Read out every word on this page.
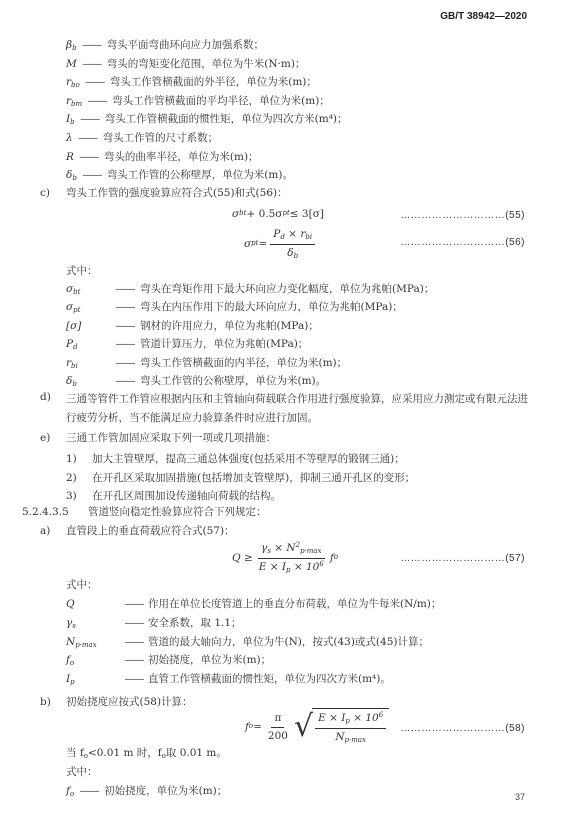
GB/T 38942—2020
$\beta_b$ —— 弯头平面弯曲环向应力加强系数；
M —— 弯头的弯矩变化范围，单位为牛米(N·m)；
$r_{bo}$ —— 弯头工作管横截面的外半径，单位为米(m)；
$r_{bm}$ —— 弯头工作管横截面的平均半径，单位为米(m)；
$I_b$ —— 弯头工作管横截面的惯性矩，单位为四次方米(m⁴)；
λ —— 弯头工作管的尺寸系数；
R —— 弯头的曲率半径，单位为米(m)；
$\delta_b$ —— 弯头工作管的公称壁厚，单位为米(m)。
c) 弯头工作管的强度验算应符合式(55)和式(56)：
σ bt + 0.5σ pt ≤ 3[σ]	…………………………(55)
σ pt = $\frac{P_d \times r_{bi}}{\delta_b}$	…………………………(56)
式中：
$\sigma_{bt}$	—— 弯头在弯矩作用下最大环向应力变化幅度，单位为兆帕(MPa)；
$\sigma_{pt}$	—— 弯头在内压作用下的最大环向应力，单位为兆帕(MPa)；
[σ]	—— 钢材的许用应力，单位为兆帕(MPa)；
$P_d$	—— 管道计算压力，单位为兆帕(MPa)；
$r_{bi}$	—— 弯头工作管横截面的内半径，单位为米(m)；
$\delta_b$	—— 弯头工作管的公称壁厚，单位为米(m)。
d) 三通等管件工作管应根据内压和主管轴向荷载联合作用进行强度验算，应采用应力测定或有限元法进行疲劳分析，当不能满足应力验算条件时应进行加固。
e) 三通工作管加固应采取下列一项或几项措施：
1) 加大主管壁厚，提高三通总体强度(包括采用不等壁厚的锻钢三通)；
2) 在开孔区采取加固措施(包括增加支管壁厚)，抑制三通开孔区的变形；
3) 在开孔区周围加设传递轴向荷载的结构。
5.2.4.3.5 管道竖向稳定性验算应符合下列规定：
a) 直管段上的垂直荷载应符合式(57)：
$Q \ge \frac{\gamma_s \times N^2_{p\cdot max}}{E \times I_p \times 10^6}$ f o	…………………………(57)
式中：
Q	—— 作用在单位长度管道上的垂直分布荷载，单位为牛每米(N/m)；
$\gamma_s$	—— 安全系数，取 1.1；
$N_{p\cdot max}$	—— 管道的最大轴向力，单位为牛(N)，按式(43)或式(45)计算；
$f_o$	—— 初始挠度，单位为米(m)；
$I_p$	—— 直管工作管横截面的惯性矩，单位为四次方米(m⁴)。
b) 初始挠度应按式(58)计算：
f $o = \frac{\pi}{200}$ √ $\frac{E \times I_p \times 10^6}{N_{p\cdot max}}$ …………………………(58)
当 $f_o<0.01$ m 时，$f_o$取 0.01 m。
式中：
$f_o$ —— 初始挠度，单位为米(m)；
37
